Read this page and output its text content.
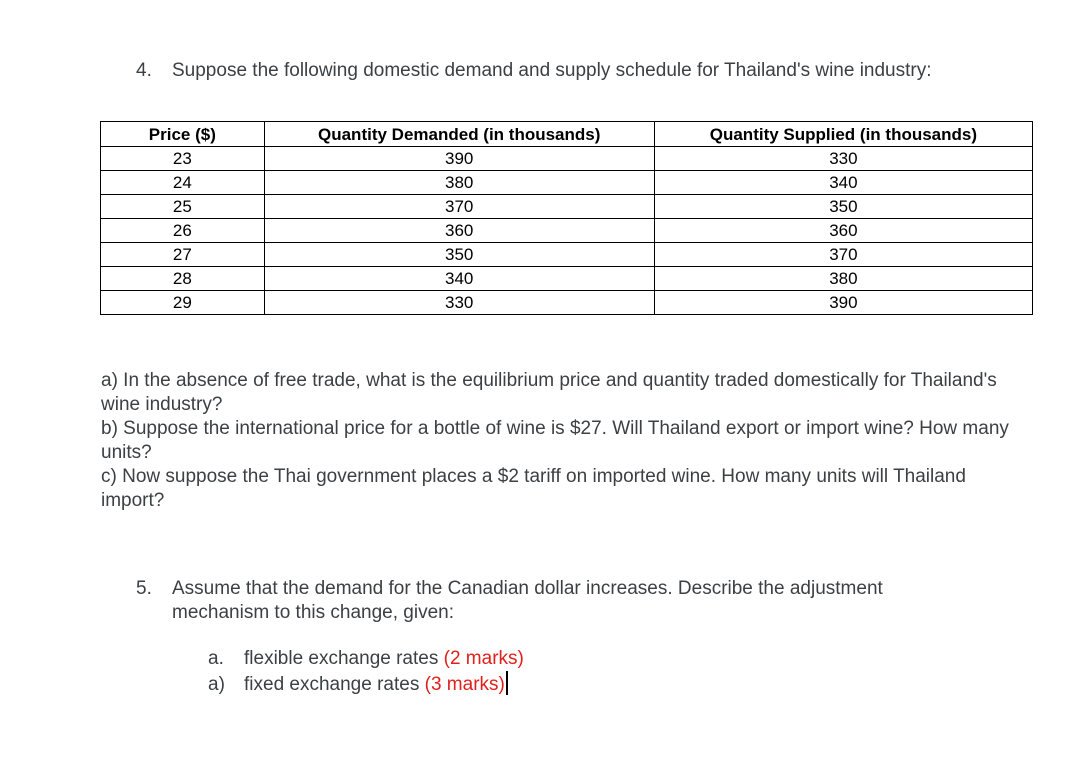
4. Suppose the following domestic demand and supply schedule for Thailand's wine industry:
Price ($)	Quantity Demanded (in thousands)	Quantity Supplied (in thousands)
23	390	330
24	380	340
25	370	350
26	360	360
27	350	370
28	340	380
29	330	390
a) In the absence of free trade, what is the equilibrium price and quantity traded domestically for Thailand's wine industry?
b) Suppose the international price for a bottle of wine is $27. Will Thailand export or import wine? How many units?
c) Now suppose the Thai government places a $2 tariff on imported wine. How many units will Thailand import?
5. Assume that the demand for the Canadian dollar increases. Describe the adjustment
mechanism to this change, given:
a. flexible exchange rates (2 marks)
a) fixed exchange rates (3 marks)
